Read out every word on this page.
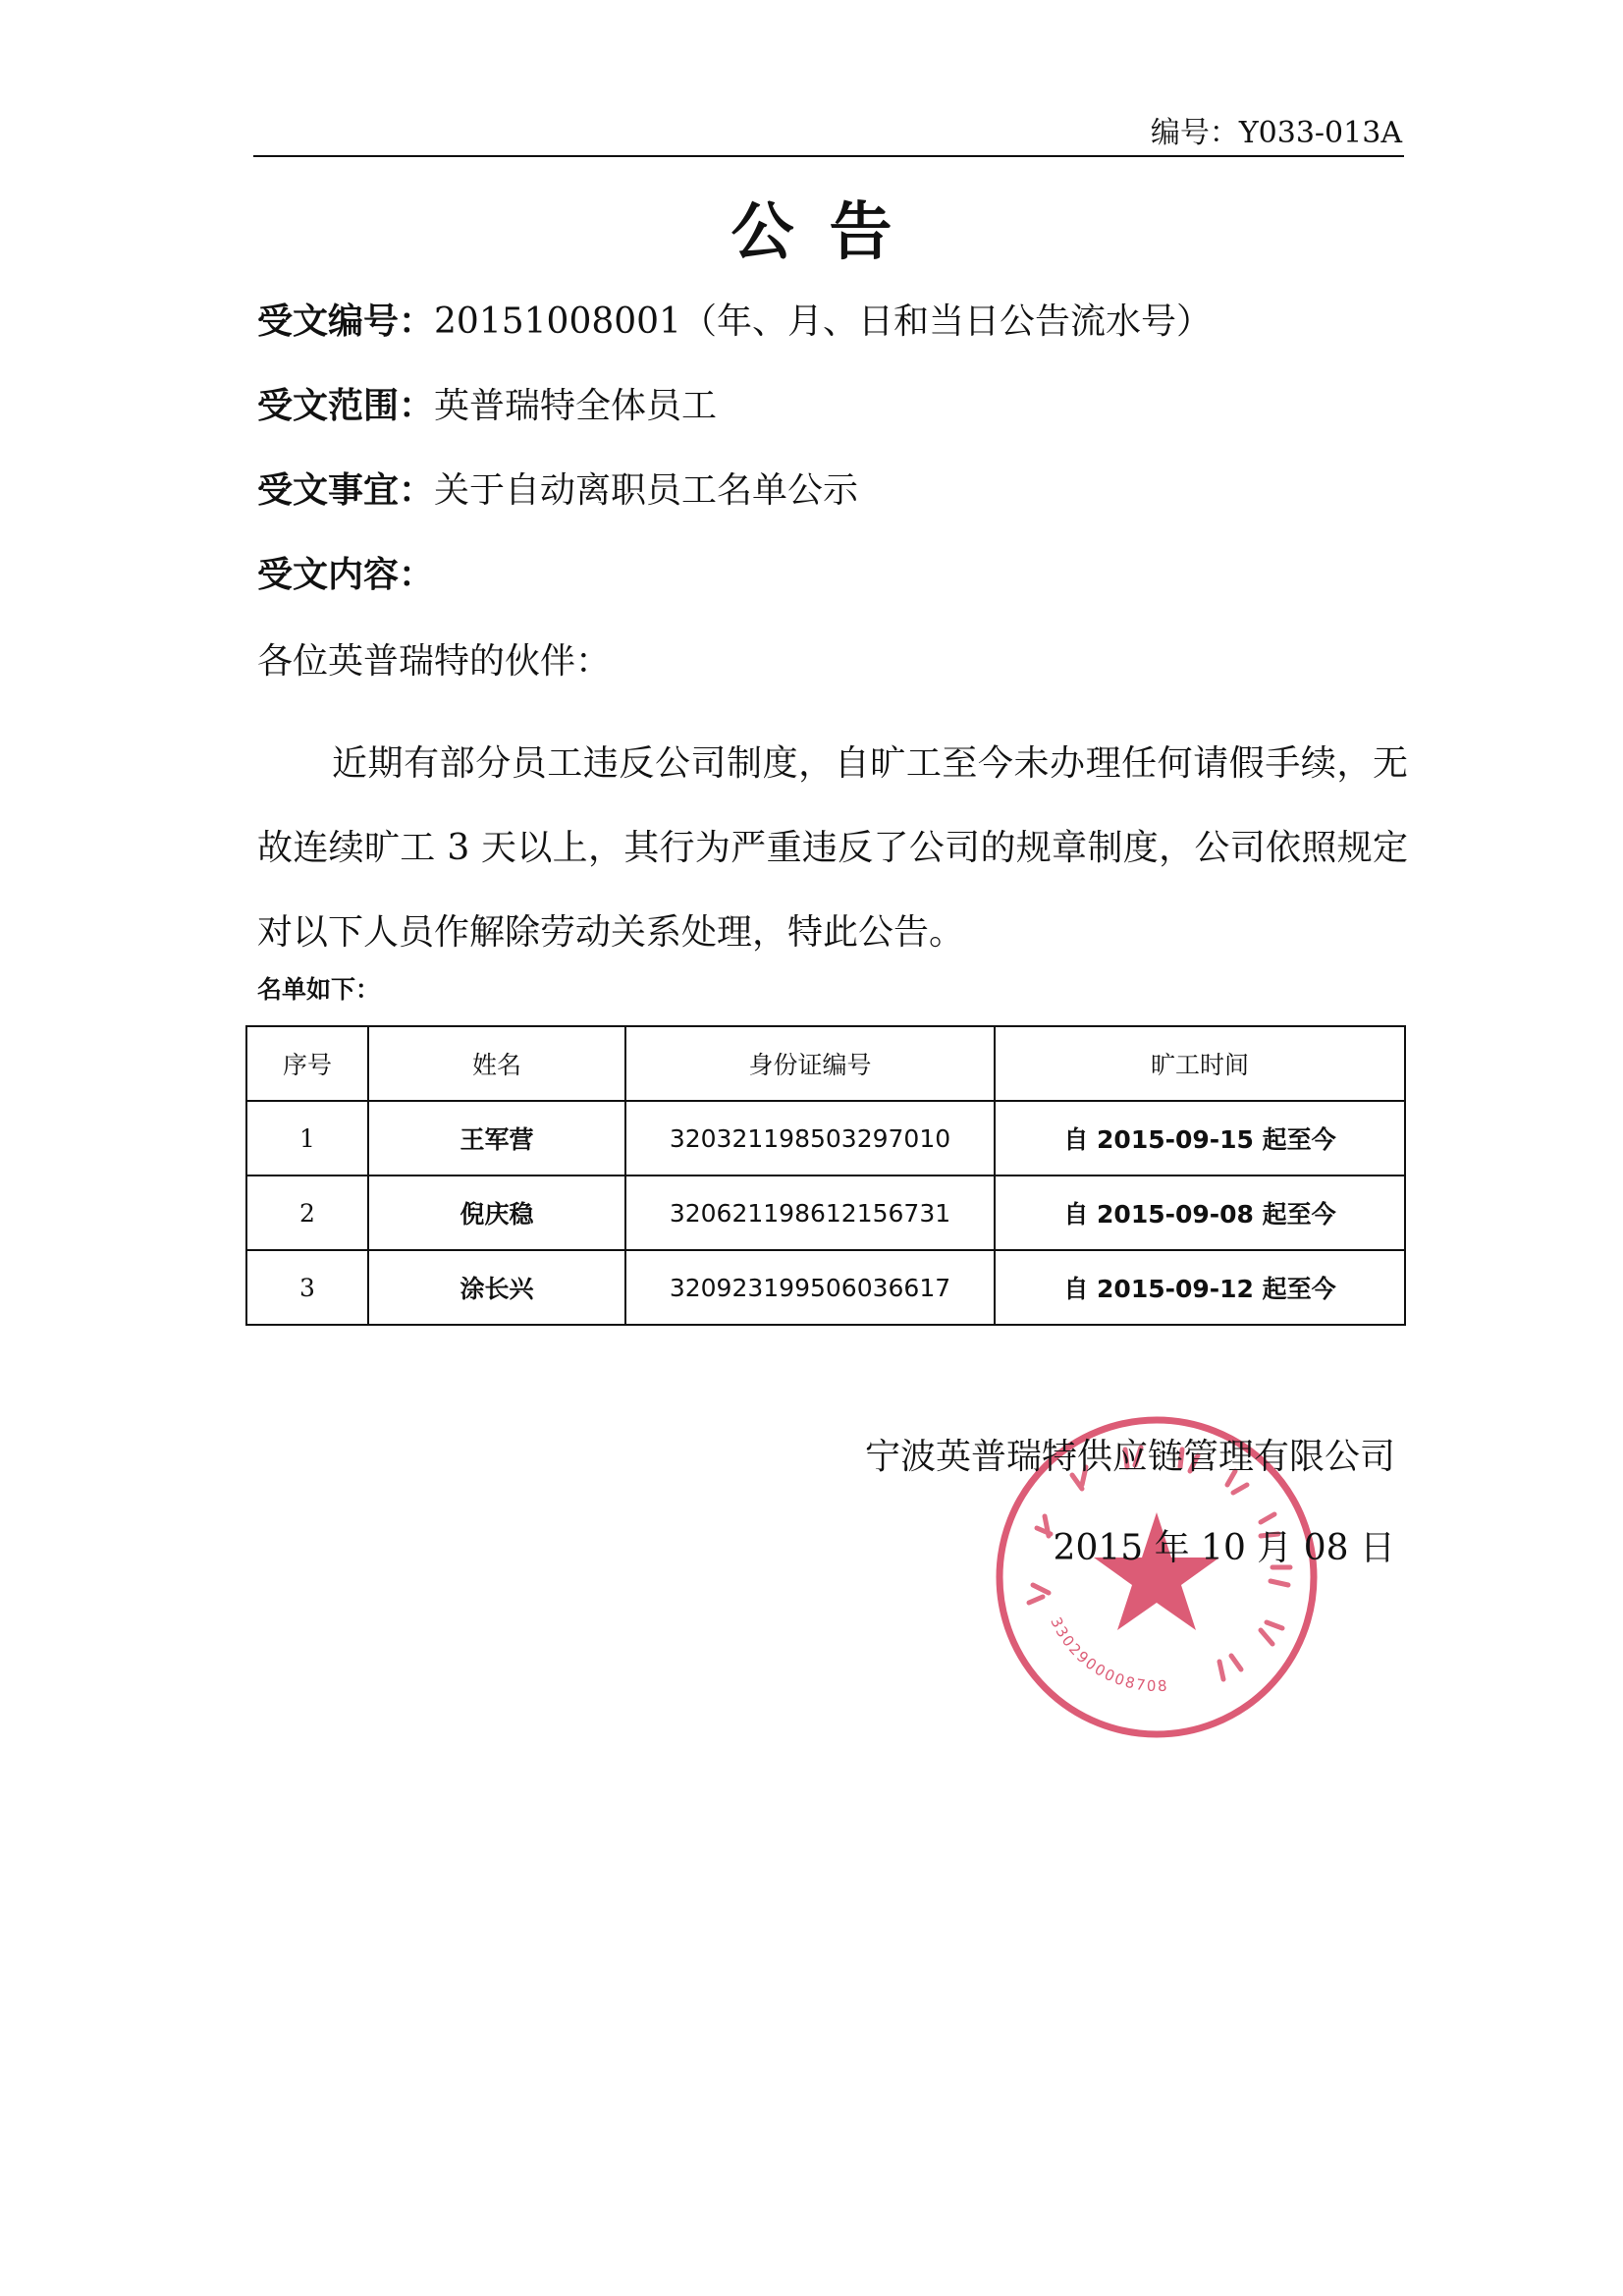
编号：Y033-013A
公告
受文编号：20151008001（年、月、日和当日公告流水号）
受文范围：英普瑞特全体员工
受文事宜：关于自动离职员工名单公示
受文内容：
各位英普瑞特的伙伴：

近期有部分员工违反公司制度，自旷工至今未办理任何请假手续，无故连续旷工 3 天以上，其行为严重违反了公司的规章制度，公司依照规定对以下人员作解除劳动关系处理，特此公告。

名单如下：
序号	姓名	身份证编号	旷工时间
1	王军营	320321198503297010	自 2015-09-15 起至今
2	倪庆稳	320621198612156731	自 2015-09-08 起至今
3	涂长兴	320923199506036617	自 2015-09-12 起至今
3302900008708
宁波英普瑞特供应链管理有限公司
2015 年 10 月 08 日
